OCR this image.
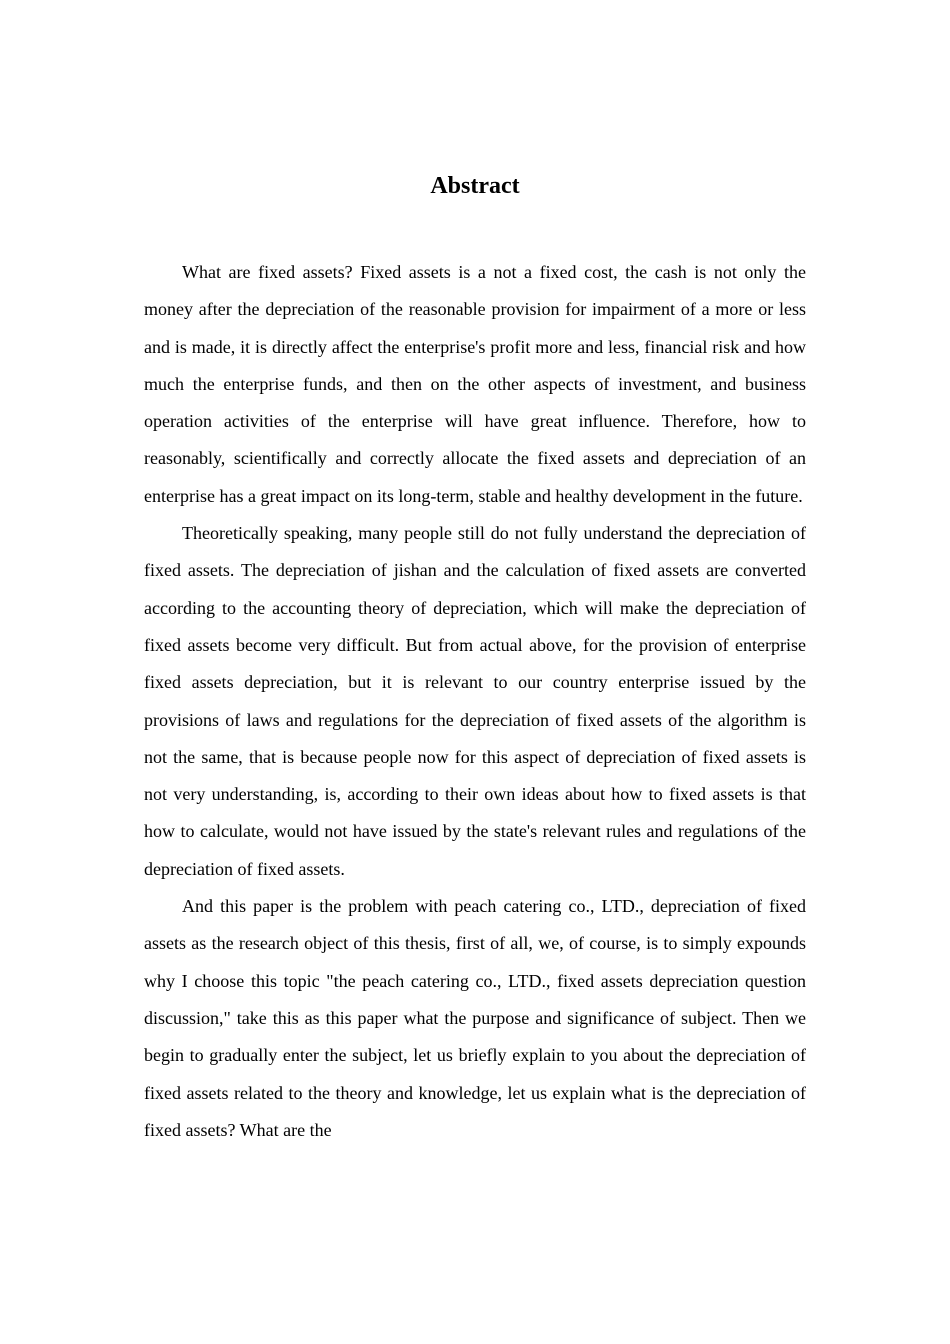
Abstract

What are fixed assets? Fixed assets is a not a fixed cost, the cash is not only the money after the depreciation of the reasonable provision for impairment of a more or less and is made, it is directly affect the enterprise's profit more and less, financial risk and how much the enterprise funds, and then on the other aspects of investment, and business operation activities of the enterprise will have great influence. Therefore, how to reasonably, scientifically and correctly allocate the fixed assets and depreciation of an enterprise has a great impact on its long-term, stable and healthy development in the future.

Theoretically speaking, many people still do not fully understand the depreciation of fixed assets. The depreciation of jishan and the calculation of fixed assets are converted according to the accounting theory of depreciation, which will make the depreciation of fixed assets become very difficult. But from actual above, for the provision of enterprise fixed assets depreciation, but it is relevant to our country enterprise issued by the provisions of laws and regulations for the depreciation of fixed assets of the algorithm is not the same, that is because people now for this aspect of depreciation of fixed assets is not very understanding, is, according to their own ideas about how to fixed assets is that how to calculate, would not have issued by the state's relevant rules and regulations of the depreciation of fixed assets.

And this paper is the problem with peach catering co., LTD., depreciation of fixed assets as the research object of this thesis, first of all, we, of course, is to simply expounds why I choose this topic "the peach catering co., LTD., fixed assets depreciation question discussion," take this as this paper what the purpose and significance of subject. Then we begin to gradually enter the subject, let us briefly explain to you about the depreciation of fixed assets related to the theory and knowledge, let us explain what is the depreciation of fixed assets? What are the
